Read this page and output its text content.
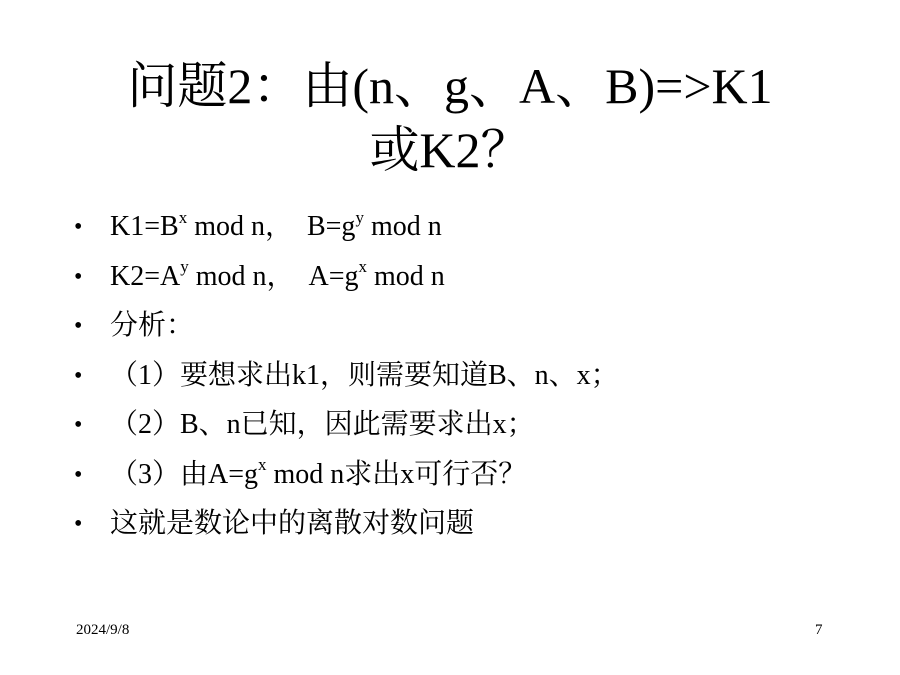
问题2：由(n、g、A、B)=>K1
或K2？
• $K1=B^x$ mod n，　$B=g^y$ mod n
• $K2=A^y$ mod n，　$A=g^x$ mod n
• 分析：
• （1）要想求出k1，则需要知道B、n、x；
• （2）B、n已知，因此需要求出x；
• （3）由$A=g^x$ mod n求出x可行否？
• 这就是数论中的离散对数问题
2024/9/8	7
